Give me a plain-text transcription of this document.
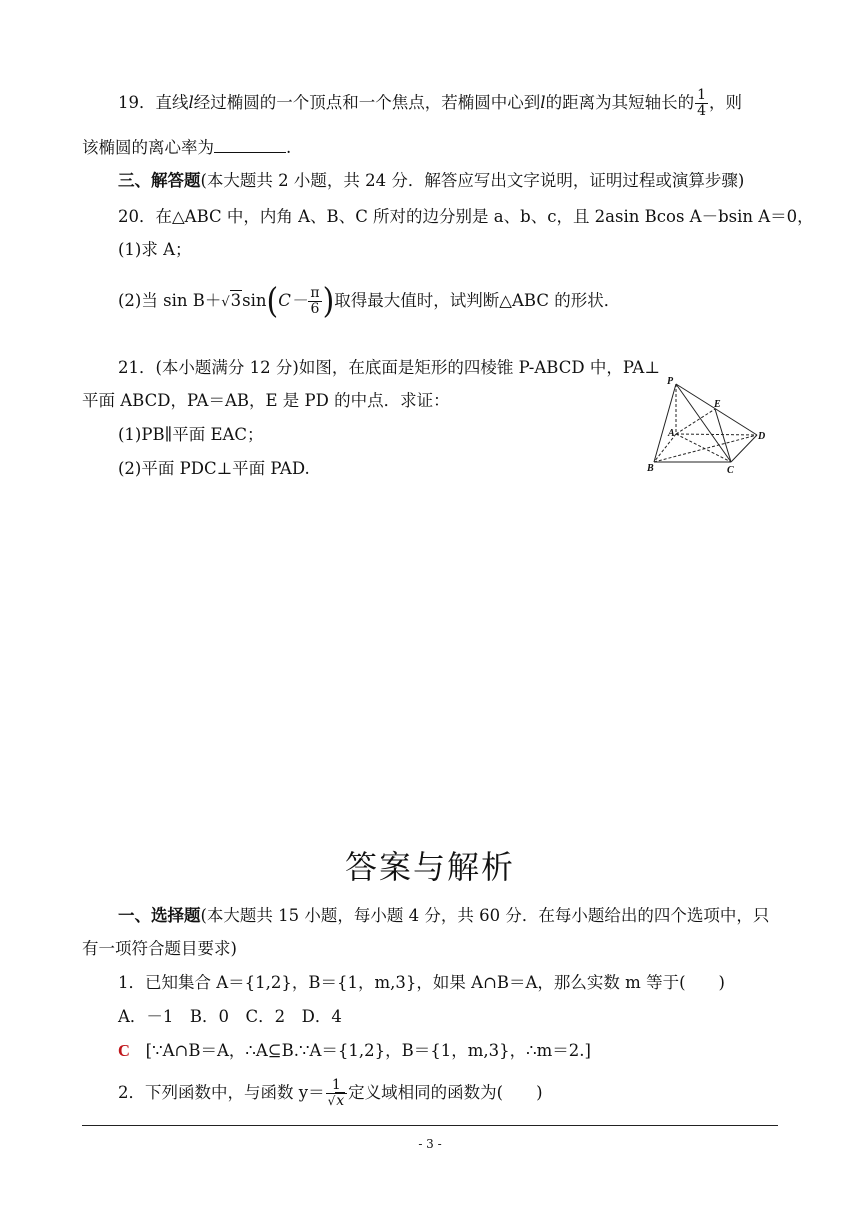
19．直线l经过椭圆的一个顶点和一个焦点，若椭圆中心到l的距离为其短轴长的 $\frac{1}{4}$ ，则
该椭圆的离心率为	.
三、解答题(本大题共 2 小题，共 24 分．解答应写出文字说明，证明过程或演算步骤)
20．在△ABC 中，内角 A、B、C 所对的边分别是 a、b、c，且 2asin Bcos A－bsin A＝0，
(1)求 A；
(2)当 $\sin B+√3\sin(C- \frac{\pi}{6}$ )取得最大值时，试判断△ABC 的形状．
21．(本小题满分 12 分)如图，在底面是矩形的四棱锥 P-ABCD 中，PA⊥
平面 ABCD，PA＝AB，E 是 PD 的中点．求证：
(1)PB∥平面 EAC；
(2)平面 PDC⊥平面 PAD.
P
E
A	D
B	C
答案与解析
一、选择题(本大题共 15 小题，每小题 4 分，共 60 分．在每小题给出的四个选项中，只
有一项符合题目要求)
1．已知集合 A＝{1,2}，B＝{1，m,3}，如果 A∩B＝A，那么实数 m 等于(　　)
A．－1　B．0　C．2　D．4
C [∵A∩B＝A，∴A⊆B.∵A＝{1,2}，B＝{1，m,3}，∴m＝2.]
2．下列函数中，与函数 $y= \frac{1}{√x}$ 定义域相同的函数为(　　)
- 3 -
